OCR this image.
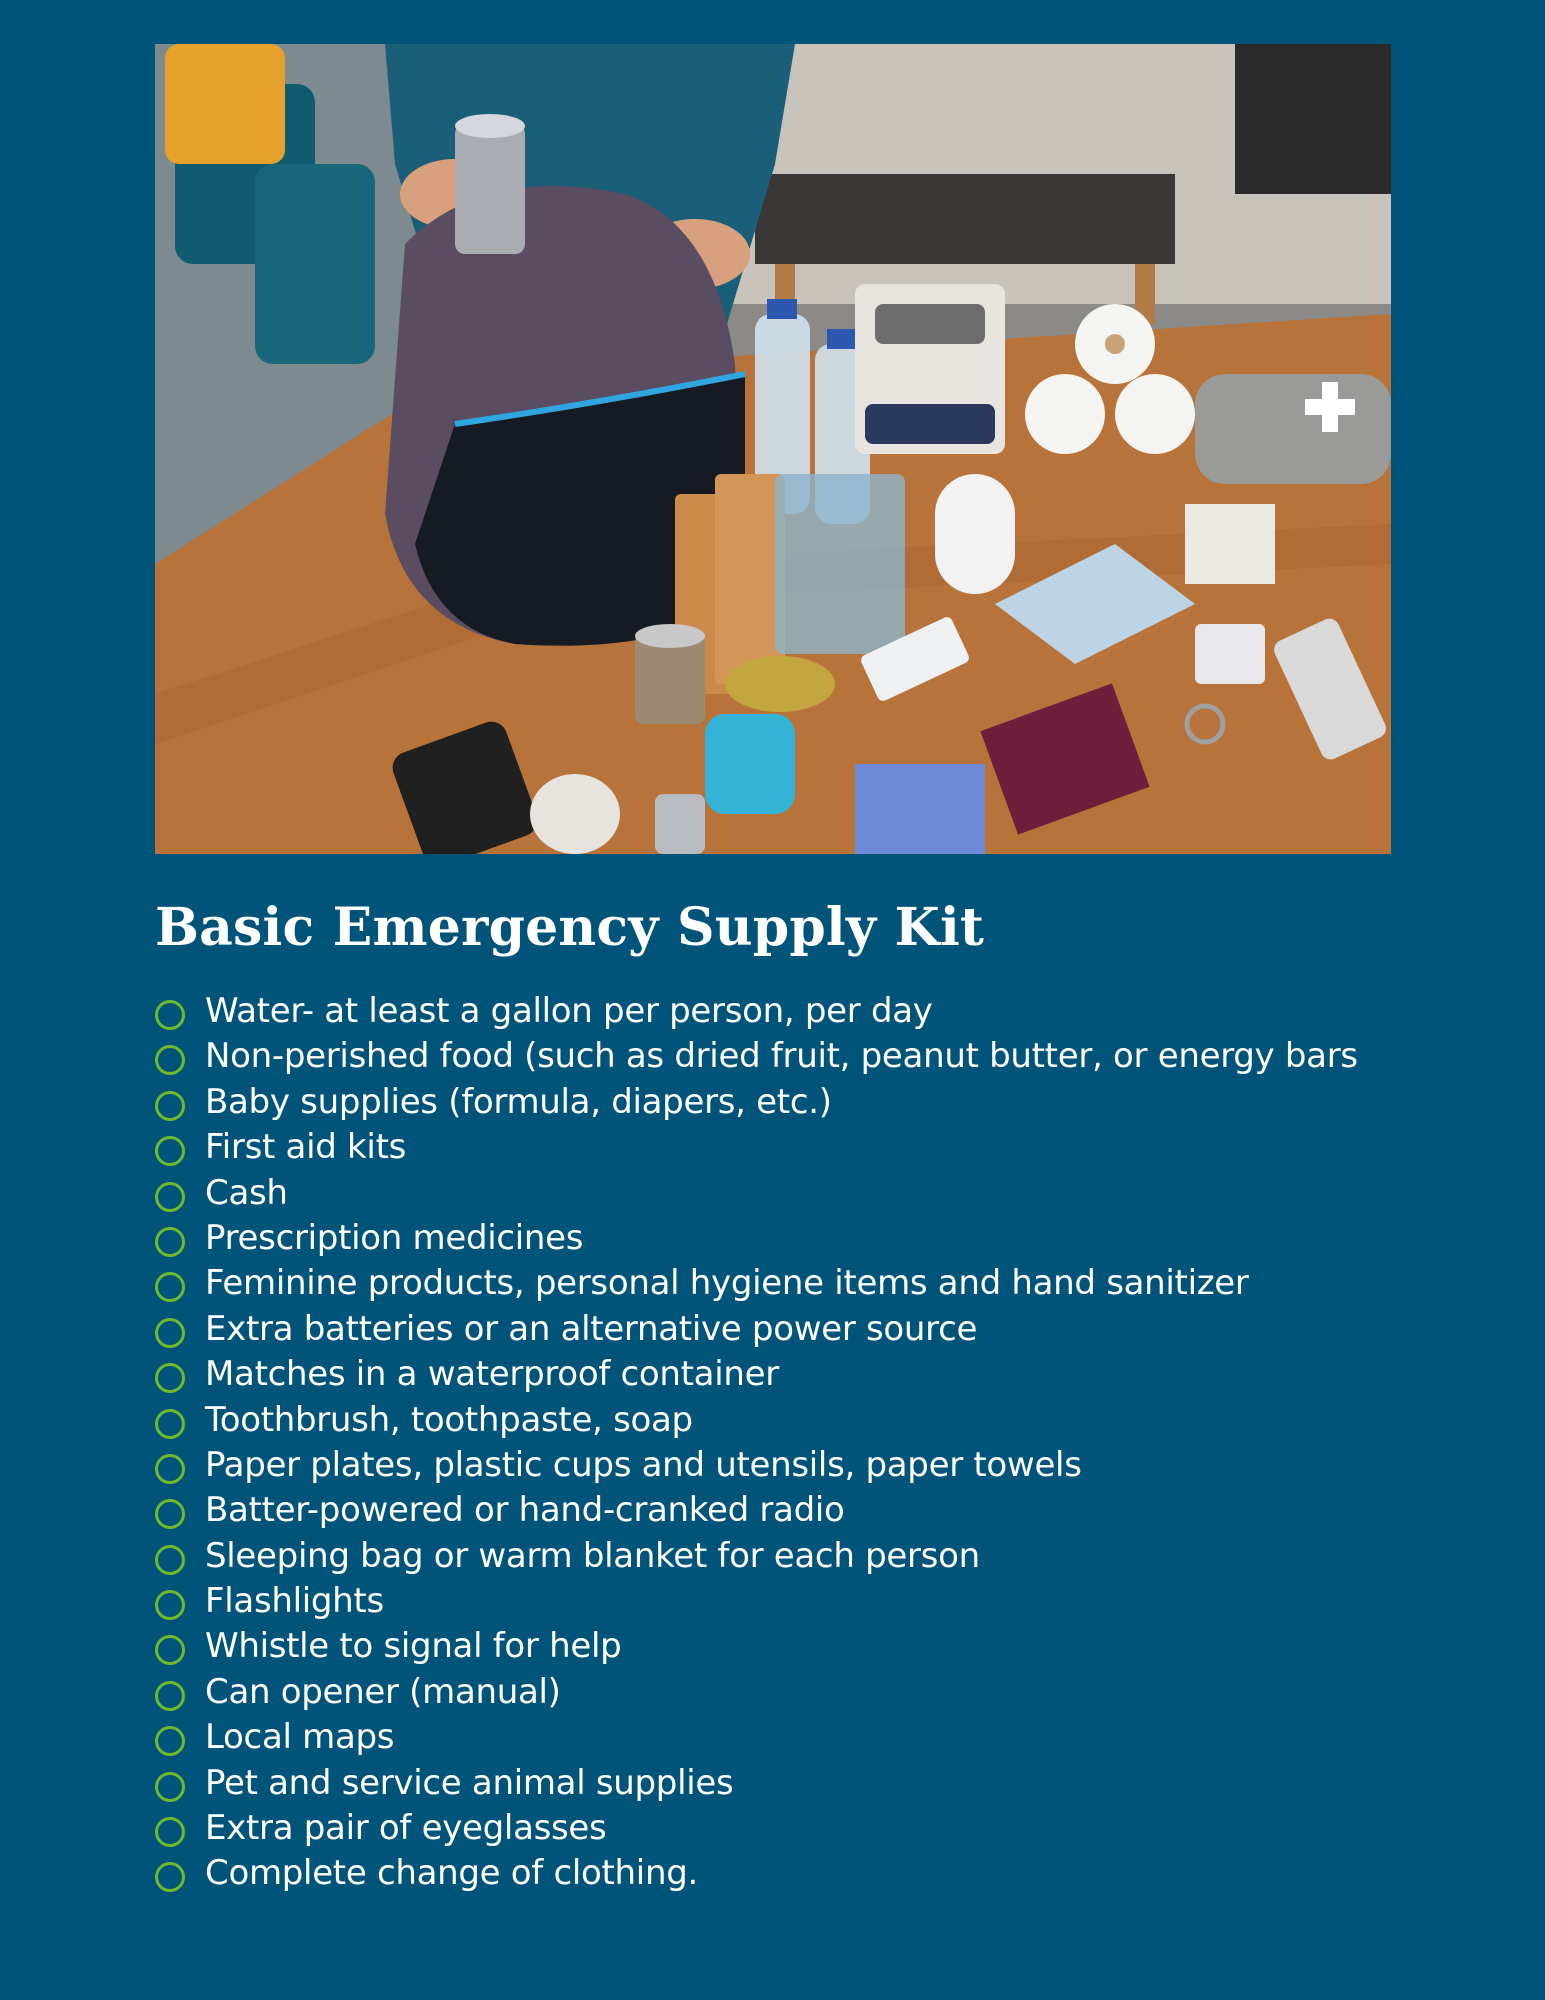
Basic Emergency Supply Kit
Water- at least a gallon per person, per day
Non-perished food (such as dried fruit, peanut butter, or energy bars
Baby supplies (formula, diapers, etc.)
First aid kits
Cash
Prescription medicines
Feminine products, personal hygiene items and hand sanitizer
Extra batteries or an alternative power source
Matches in a waterproof container
Toothbrush, toothpaste, soap
Paper plates, plastic cups and utensils, paper towels
Batter-powered or hand-cranked radio
Sleeping bag or warm blanket for each person
Flashlights
Whistle to signal for help
Can opener (manual)
Local maps
Pet and service animal supplies
Extra pair of eyeglasses
Complete change of clothing.
